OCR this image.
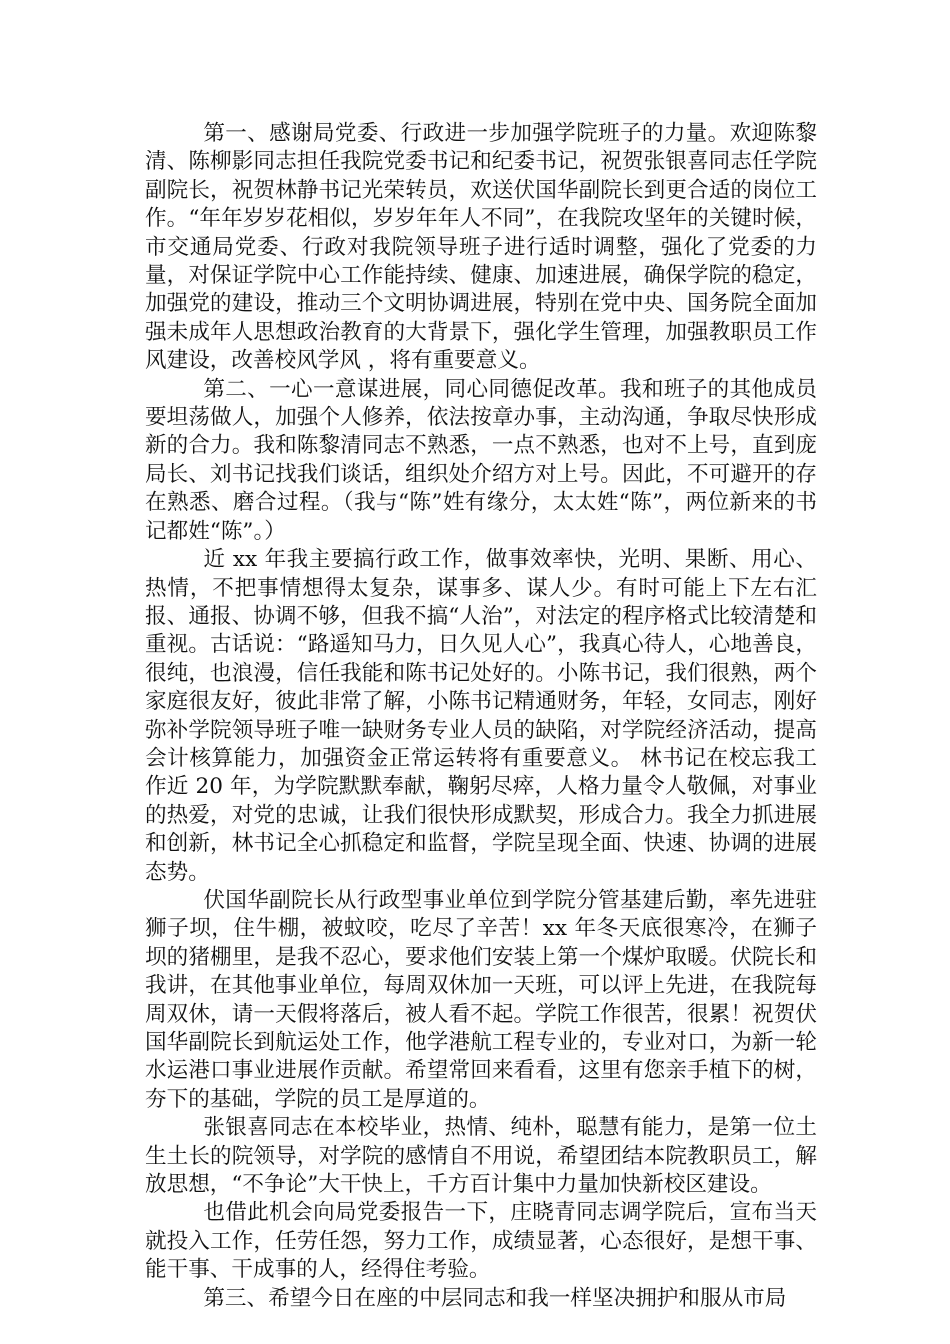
第一、感谢局党委、行政进一步加强学院班子的力量。欢迎陈黎清、陈柳影同志担任我院党委书记和纪委书记，祝贺张银喜同志任学院副院长，祝贺林静书记光荣转员，欢送伏国华副院长到更合适的岗位工作。“年年岁岁花相似，岁岁年年人不同”，在我院攻坚年的关键时候，市交通局党委、行政对我院领导班子进行适时调整，强化了党委的力量，对保证学院中心工作能持续、健康、加速进展，确保学院的稳定，加强党的建设，推动三个文明协调进展，特别在党中央、国务院全面加强未成年人思想政治教育的大背景下，强化学生管理，加强教职员工作风建设，改善校风学风 ，将有重要意义。

第二、一心一意谋进展，同心同德促改革。我和班子的其他成员要坦荡做人，加强个人修养，依法按章办事，主动沟通，争取尽快形成新的合力。我和陈黎清同志不熟悉，一点不熟悉，也对不上号，直到庞局长、刘书记找我们谈话，组织处介绍方对上号。因此，不可避开的存在熟悉、磨合过程。（我与“陈”姓有缘分，太太姓“陈”，两位新来的书记都姓“陈”。）

近 xx 年我主要搞行政工作，做事效率快，光明、果断、用心、热情，不把事情想得太复杂，谋事多、谋人少。有时可能上下左右汇报、通报、协调不够，但我不搞“人治”，对法定的程序格式比较清楚和重视。古话说：“路遥知马力，日久见人心”，我真心待人，心地善良，很纯，也浪漫，信任我能和陈书记处好的。小陈书记，我们很熟，两个家庭很友好，彼此非常了解，小陈书记精通财务，年轻，女同志，刚好弥补学院领导班子唯一缺财务专业人员的缺陷，对学院经济活动，提高会计核算能力，加强资金正常运转将有重要意义。 林书记在校忘我工作近 20 年，为学院默默奉献，鞠躬尽瘁，人格力量令人敬佩，对事业的热爱，对党的忠诚，让我们很快形成默契，形成合力。我全力抓进展和创新，林书记全心抓稳定和监督，学院呈现全面、快速、协调的进展态势。

伏国华副院长从行政型事业单位到学院分管基建后勤，率先进驻狮子坝，住牛棚，被蚊咬，吃尽了辛苦！xx 年冬天底很寒冷，在狮子坝的猪棚里，是我不忍心，要求他们安装上第一个煤炉取暖。伏院长和我讲，在其他事业单位，每周双休加一天班，可以评上先进，在我院每周双休，请一天假将落后，被人看不起。学院工作很苦，很累！祝贺伏国华副院长到航运处工作，他学港航工程专业的，专业对口，为新一轮水运港口事业进展作贡献。希望常回来看看，这里有您亲手植下的树，夯下的基础，学院的员工是厚道的。

张银喜同志在本校毕业，热情、纯朴，聪慧有能力，是第一位土生土长的院领导，对学院的感情自不用说，希望团结本院教职员工，解放思想，“不争论”大干快上，千方百计集中力量加快新校区建设。

也借此机会向局党委报告一下，庄晓青同志调学院后，宣布当天就投入工作，任劳任怨，努力工作，成绩显著，心态很好，是想干事、能干事、干成事的人，经得住考验。

第三、希望今日在座的中层同志和我一样坚决拥护和服从市局
